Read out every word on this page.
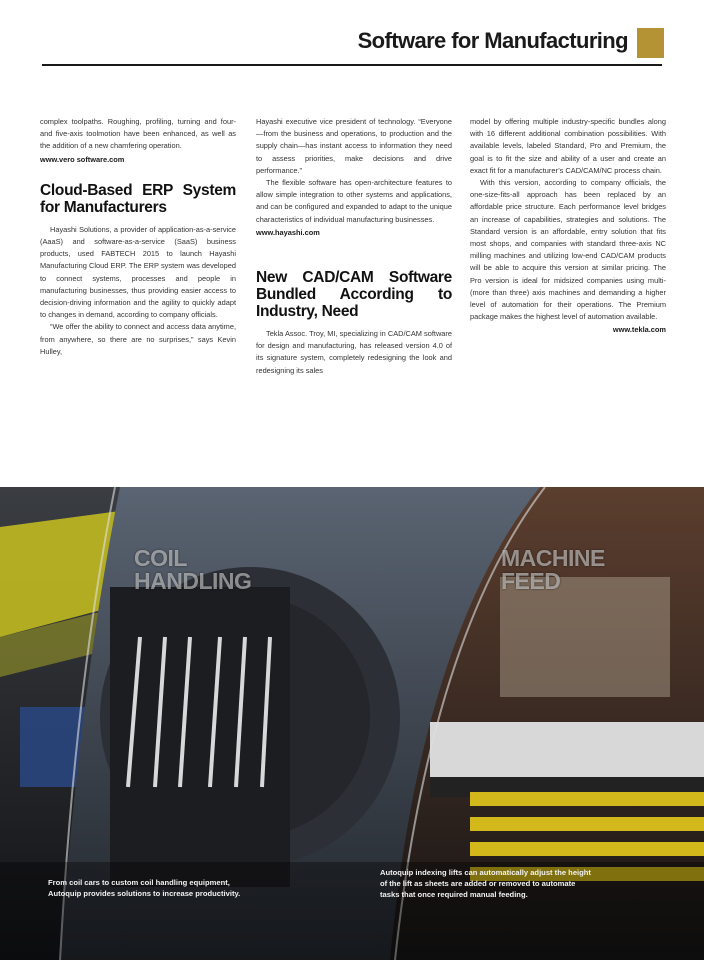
Software for Manufacturing

complex toolpaths. Roughing, profiling, turning and four- and five-axis toolmotion have been enhanced, as well as the addition of a new chamfering operation.

www.vero software.com
Cloud-Based ERP System for Manufacturers

Hayashi Solutions, a provider of application-as-a-service (AaaS) and software-as-a-service (SaaS) business products, used FABTECH 2015 to launch Hayashi Manufacturing Cloud ERP. The ERP system was developed to connect systems, processes and people in manufacturing businesses, thus providing easier access to decision-driving information and the agility to quickly adapt to changes in demand, according to company officials.

“We offer the ability to connect and access data anytime, from anywhere, so there are no surprises,” says Kevin Hulley,

Hayashi executive vice president of technology. “Everyone—from the business and operations, to production and the supply chain—has instant access to information they need to assess priorities, make decisions and drive performance.”

The flexible software has open-architecture features to allow simple integration to other systems and applications, and can be configured and expanded to adapt to the unique characteristics of individual manufacturing businesses.

www.hayashi.com
New CAD/CAM Software Bundled According to Industry, Need

Tekla Assoc. Troy, MI, specializing in CAD/CAM software for design and manufacturing, has released version 4.0 of its signature system, completely redesigning the look and redesigning its sales

model by offering multiple industry-specific bundles along with 16 different additional combination possibilities. With available levels, labeled Standard, Pro and Premium, the goal is to fit the size and ability of a user and create an exact fit for a manufacturer’s CAD/CAM/NC process chain.

With this version, according to company officials, the one-size-fits-all approach has been replaced by an affordable price structure. Each performance level bridges an increase of capabilities, strategies and solutions. The Standard version is an affordable, entry solution that fits most shops, and companies with standard three-axis NC milling machines and utilizing low-end CAD/CAM products will be able to acquire this version at similar pricing. The Pro version is ideal for midsized companies using multi-(more than three) axis machines and demanding a higher level of automation for their operations. The Premium package makes the highest level of automation available.

www.tekla.com
COIL
HANDLING
MACHINE
FEED
From coil cars to custom coil handling equipment,
Autoquip provides solutions to increase productivity.
Autoquip indexing lifts can automatically adjust the height
of the lift as sheets are added or removed to automate
tasks that once required manual feeding.
